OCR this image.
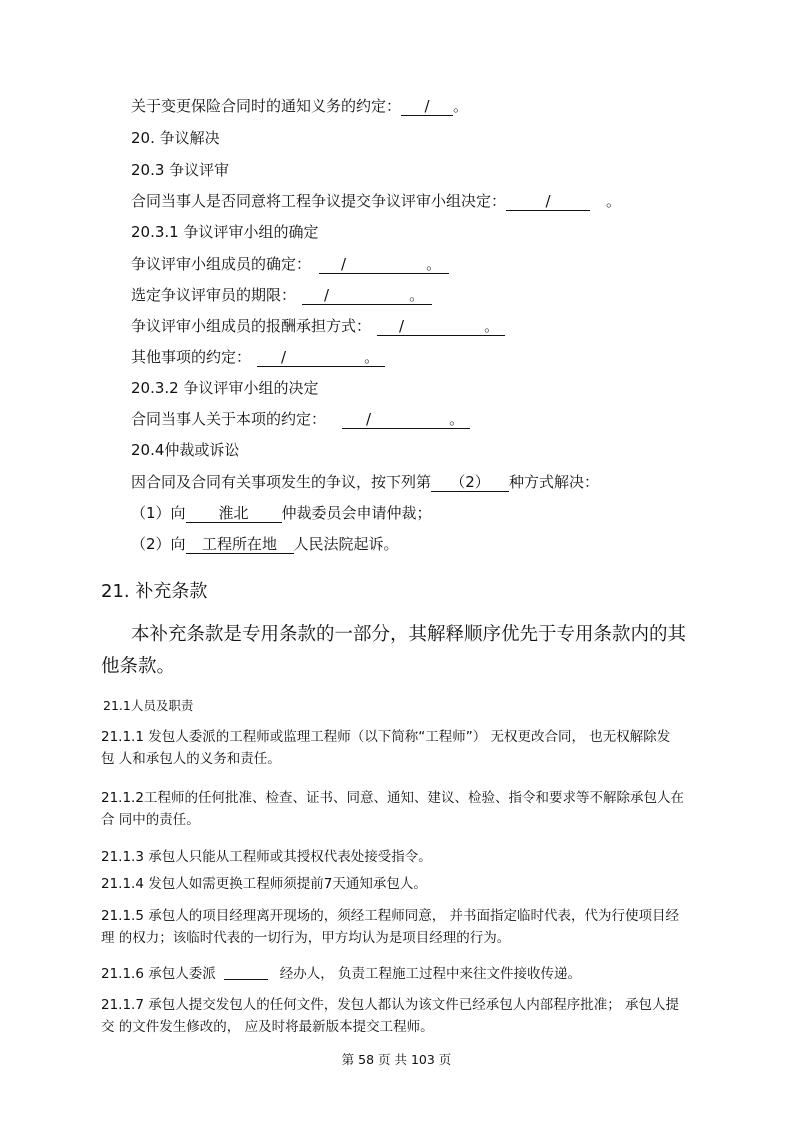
关于变更保险合同时的通知义务的约定： / 。
20. 争议解决
20.3 争议评审
合同当事人是否同意将工程争议提交争议评审小组决定：	/	。
20.3.1 争议评审小组的确定
争议评审小组成员的确定： /	。
选定争议评审员的期限： /	。
争议评审小组成员的报酬承担方式： /	。
其他事项的约定： /	。
20.3.2 争议评审小组的决定
合同当事人关于本项的约定：	/	。
20.4仲裁或诉讼
因合同及合同有关事项发生的争议，按下列第 （2） 种方式解决：
（1）向 淮北 仲裁委员会申请仲裁；
（2）向 工程所在地 人民法院起诉。
21. 补充条款
本补充条款是专用条款的一部分，其解释顺序优先于专用条款内的其
他条款。
21.1人员及职责
21.1.1 发包人委派的工程师或监理工程师（以下简称“工程师”） 无权更改合同， 也无权解除发
包 人和承包人的义务和责任。
21.1.2工程师的任何批准、检查、证书、同意、通知、建议、检验、指令和要求等不解除承包人在
合 同中的责任。
21.1.3 承包人只能从工程师或其授权代表处接受指令。
21.1.4 发包人如需更换工程师须提前7天通知承包人。
21.1.5 承包人的项目经理离开现场的，须经工程师同意， 并书面指定临时代表，代为行使项目经
理 的权力；该临时代表的一切行为，甲方均认为是项目经理的行为。
21.1.6 承包人委派	经办人， 负责工程施工过程中来往文件接收传递。
21.1.7 承包人提交发包人的任何文件，发包人都认为该文件已经承包人内部程序批准； 承包人提
交 的文件发生修改的， 应及时将最新版本提交工程师。
第 58 页 共 103 页
